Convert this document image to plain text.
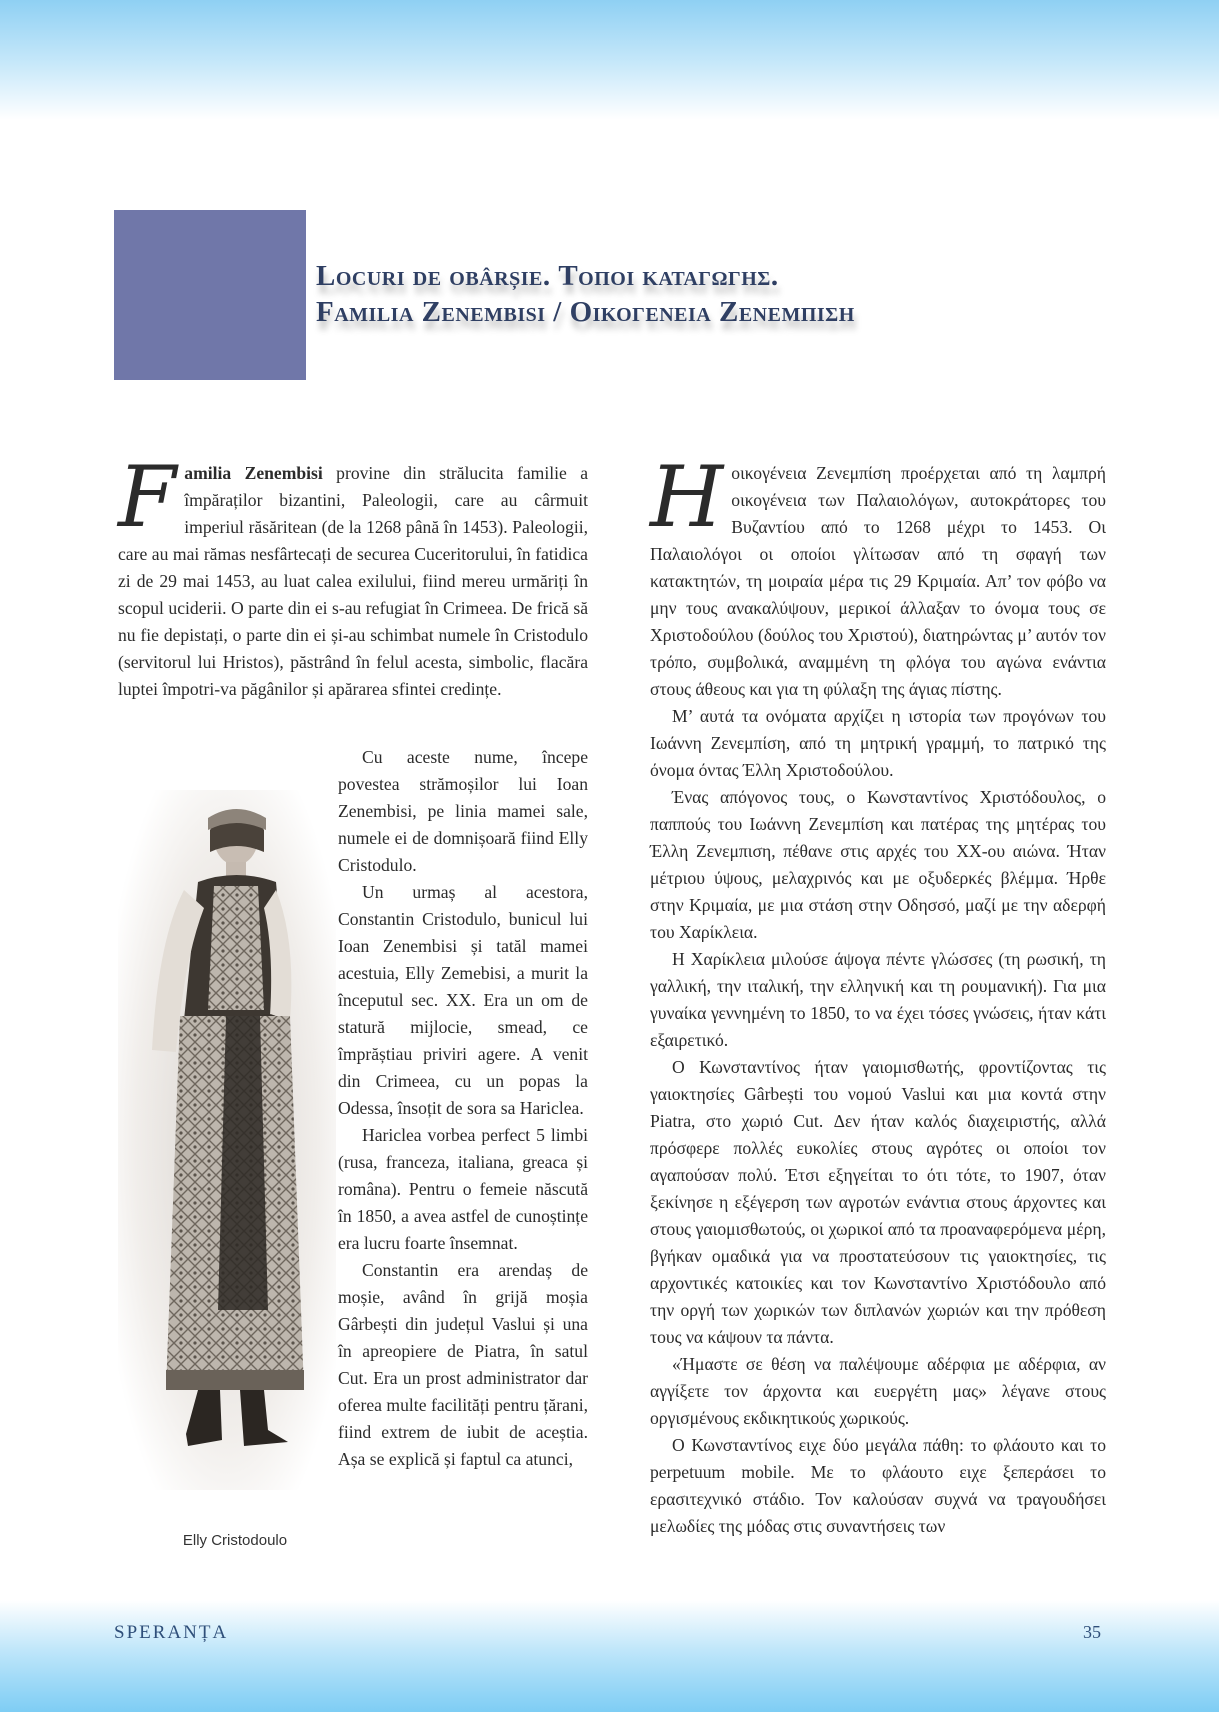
Locuri de obârșie. Τοποι καταγωγησ.
Familia Zenembisi / Οικογενεια Ζενεμπιση

Familia Zenembisi provine din strălucita familie a împăraților bizantini, Paleologii, care au cârmuit imperiul răsăritean (de la 1268 până în 1453). Paleologii, care au mai rămas nesfârtecați de securea Cuceritorului, în fatidica zi de 29 mai 1453, au luat calea exilului, fiind mereu urmăriți în scopul uciderii. O parte din ei s-au refugiat în Crimeea. De frică să nu fie depistați, o parte din ei și-au schimbat numele în Cristodulo (servitorul lui Hristos), păstrând în felul acesta, simbolic, flacăra luptei împotri-va păgânilor și apărarea sfintei credințe.

Cu aceste nume, începe povestea strămoșilor lui Ioan Zenembisi, pe linia mamei sale, numele ei de domnișoară fiind Elly Cristodulo.

Un urmaș al acestora, Constantin Cristodulo, bunicul lui Ioan Zenembisi și tatăl mamei acestuia, Elly Zemebisi, a murit la începutul sec. XX. Era un om de statură mijlocie, smead, ce împrăștiau priviri agere. A venit din Crimeea, cu un popas la Odessa, însoțit de sora sa Hariclea.

Hariclea vorbea perfect 5 limbi (rusa, franceza, italiana, greaca și româna). Pentru o femeie născută în 1850, a avea astfel de cunoștințe era lucru foarte însemnat.

Constantin era arendaș de moșie, având în grijă moșia Gârbești din județul Vaslui și una în apreopiere de Piatra, în satul Cut. Era un prost administrator dar oferea multe facilități pentru țărani, fiind extrem de iubit de aceștia. Așa se explică și faptul ca atunci,

Elly Cristodoulo

Ηοικογένεια Ζενεμπίση προέρχεται από τη λαμπρή οικογένεια των Παλαιολόγων, αυτοκράτορες του Βυζαντίου από το 1268 μέχρι το 1453. Οι Παλαιολόγοι οι οποίοι γλίτωσαν από τη σφαγή των κατακτητών, τη μοιραία μέρα τις 29 Κριμαία. Απ’ τον φόβο να μην τους ανακαλύψουν, μερικοί άλλαξαν το όνομα τους σε Χριστοδούλου (δούλος του Χριστού), διατηρώντας μ’ αυτόν τον τρόπο, συμβολικά, αναμμένη τη φλόγα του αγώνα ενάντια στους άθεους και για τη φύλαξη της άγιας πίστης.

Μ’ αυτά τα ονόματα αρχίζει η ιστορία των προγόνων του Ιωάννη Ζενεμπίση, από τη μητρική γραμμή, το πατρικό της όνομα όντας Έλλη Χριστοδούλου.

Ένας απόγονος τους, ο Κωνσταντίνος Χριστόδουλος, ο παππούς του Ιωάννη Ζενεμπίση και πατέρας της μητέρας του Έλλη Ζενεμπιση, πέθανε στις αρχές του ΧΧ-ου αιώνα. Ήταν μέτριου ύψους, μελαχρινός και με οξυδερκές βλέμμα. Ήρθε στην Κριμαία, με μια στάση στην Οδησσό, μαζί με την αδερφή του Χαρίκλεια.

Η Χαρίκλεια μιλούσε άψογα πέντε γλώσσες (τη ρωσική, τη γαλλική, την ιταλική, την ελληνική και τη ρουμανική). Για μια γυναίκα γεννημένη το 1850, το να έχει τόσες γνώσεις, ήταν κάτι εξαιρετικό.

Ο Κωνσταντίνος ήταν γαιομισθωτής, φροντίζοντας τις γαιοκτησίες Gârbești του νομού Vaslui και μια κοντά στην Piatra, στο χωριό Cut. Δεν ήταν καλός διαχειριστής, αλλά πρόσφερε πολλές ευκολίες στους αγρότες οι οποίοι τον αγαπούσαν πολύ. Έτσι εξηγείται το ότι τότε, το 1907, όταν ξεκίνησε η εξέγερση των αγροτών ενάντια στους άρχοντες και στους γαιομισθωτούς, οι χωρικοί από τα προαναφερόμενα μέρη, βγήκαν ομαδικά για να προστατεύσουν τις γαιοκτησίες, τις αρχοντικές κατοικίες και τον Κωνσταντίνο Χριστόδουλο από την οργή των χωρικών των διπλανών χωριών και την πρόθεση τους να κάψουν τα πάντα.

«Ήμαστε σε θέση να παλέψουμε αδέρφια με αδέρφια, αν αγγίξετε τον άρχοντα και ευεργέτη μας» λέγανε στους οργισμένους εκδικητικούς χωρικούς.

Ο Κωνσταντίνος ειχε δύο μεγάλα πάθη: το φλάουτο και το perpetuum mobile. Με το φλάουτο ειχε ξεπεράσει το ερασιτεχνικό στάδιο. Τον καλούσαν συχνά να τραγουδήσει μελωδίες της μόδας στις συναντήσεις των

SPERANȚA	35
